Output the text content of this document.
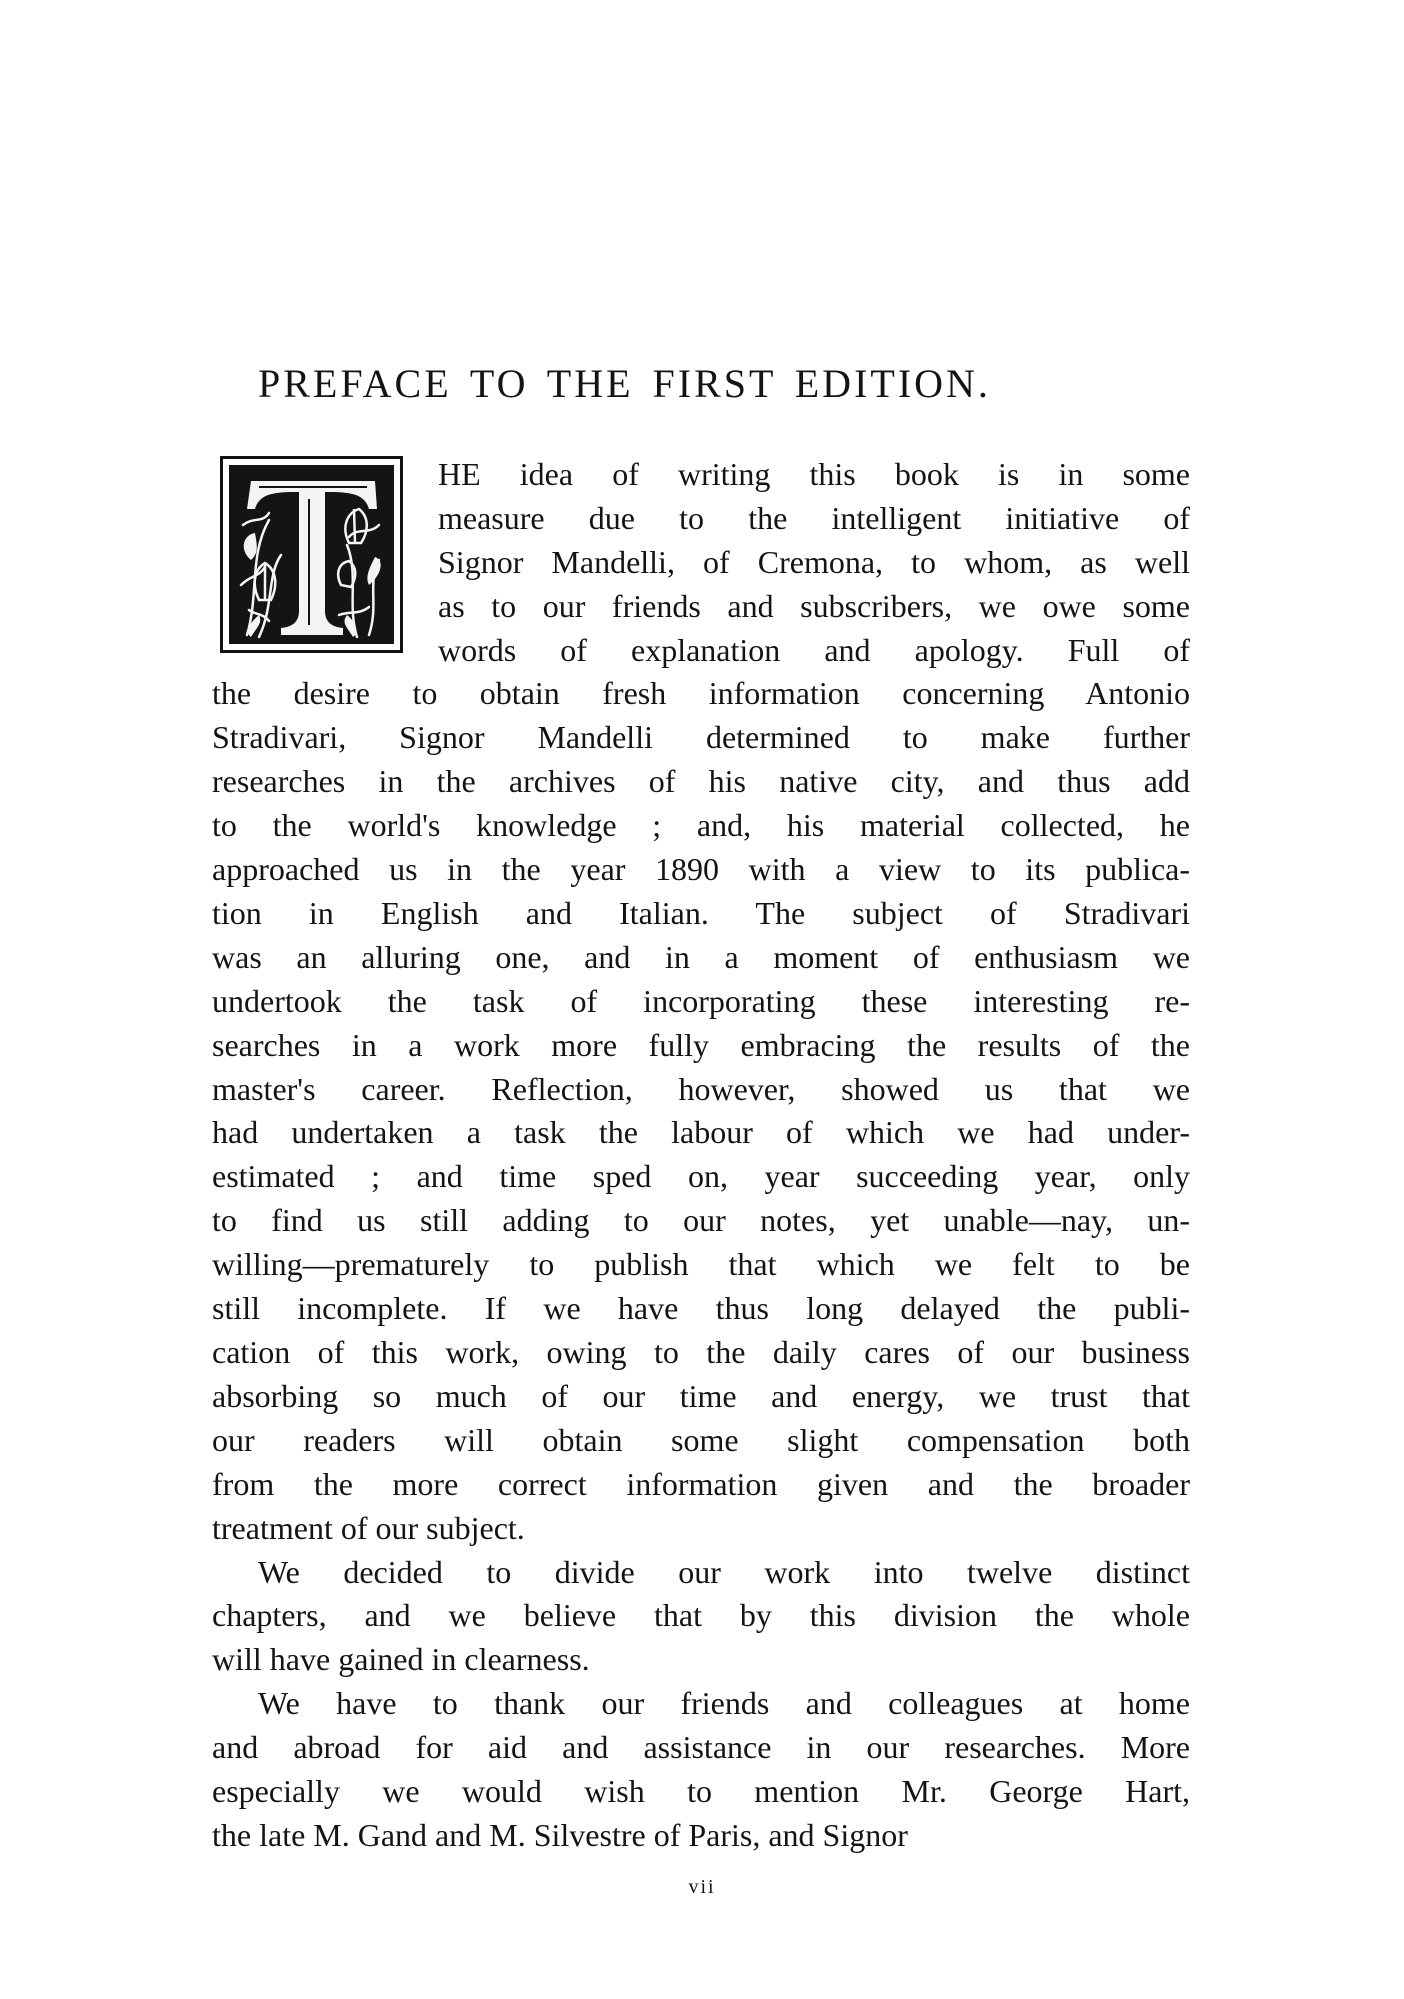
PREFACE TO THE FIRST EDITION.
HE idea of writing this book is in some
measure due to the intelligent initiative of
Signor Mandelli, of Cremona, to whom, as well
as to our friends and subscribers, we owe some
words of explanation and apology. Full of
the desire to obtain fresh information concerning Antonio
Stradivari, Signor Mandelli determined to make further
researches in the archives of his native city, and thus add
to the world's knowledge ; and, his material collected, he
approached us in the year 1890 with a view to its publica-
tion in English and Italian. The subject of Stradivari
was an alluring one, and in a moment of enthusiasm we
undertook the task of incorporating these interesting re-
searches in a work more fully embracing the results of the
master's career. Reflection, however, showed us that we
had undertaken a task the labour of which we had under-
estimated ; and time sped on, year succeeding year, only
to find us still adding to our notes, yet unable—nay, un-
willing—prematurely to publish that which we felt to be
still incomplete. If we have thus long delayed the publi-
cation of this work, owing to the daily cares of our business
absorbing so much of our time and energy, we trust that
our readers will obtain some slight compensation both
from the more correct information given and the broader
treatment of our subject.
We decided to divide our work into twelve distinct
chapters, and we believe that by this division the whole
will have gained in clearness.
We have to thank our friends and colleagues at home
and abroad for aid and assistance in our researches. More
especially we would wish to mention Mr. George Hart,
the late M. Gand and M. Silvestre of Paris, and Signor
vii
